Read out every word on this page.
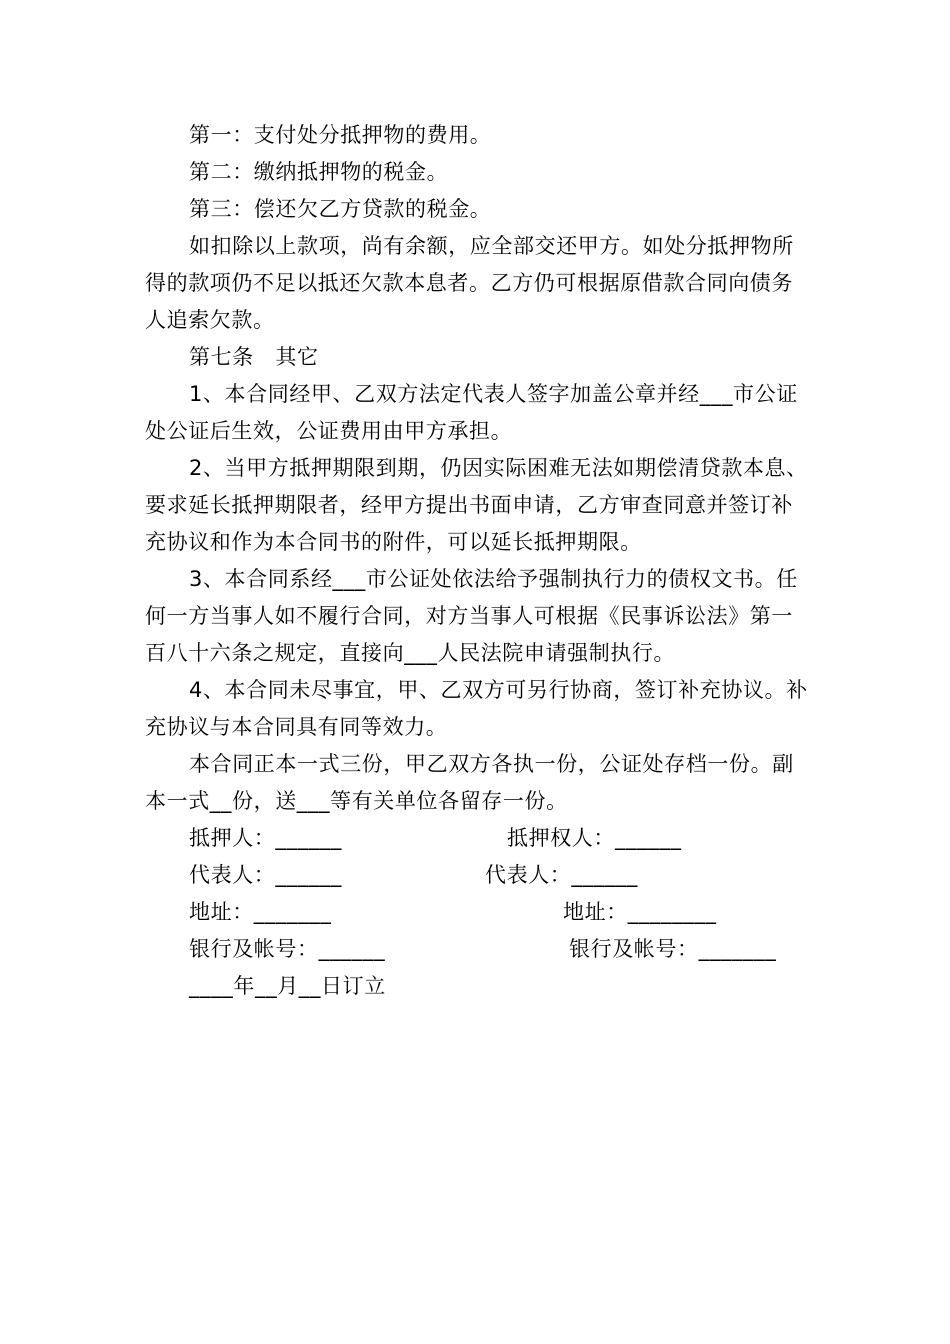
第一：支付处分抵押物的费用。

第二：缴纳抵押物的税金。

第三：偿还欠乙方贷款的税金。

如扣除以上款项，尚有余额，应全部交还甲方。如处分抵押物所得的款项仍不足以抵还欠款本息者。乙方仍可根据原借款合同向债务人追索欠款。

第七条　其它

1、本合同经甲、乙双方法定代表人签字加盖公章并经___市公证处公证后生效，公证费用由甲方承担。

2、当甲方抵押期限到期，仍因实际困难无法如期偿清贷款本息、要求延长抵押期限者，经甲方提出书面申请，乙方审查同意并签订补充协议和作为本合同书的附件，可以延长抵押期限。

3、本合同系经___市公证处依法给予强制执行力的债权文书。任何一方当事人如不履行合同，对方当事人可根据《民事诉讼法》第一百八十六条之规定，直接向___人民法院申请强制执行。

4、本合同未尽事宜，甲、乙双方可另行协商，签订补充协议。补充协议与本合同具有同等效力。

本合同正本一式三份，甲乙双方各执一份，公证处存档一份。副本一式__份，送___等有关单位各留存一份。

抵押人：______	抵押权人：______
代表人：______	代表人：______
地址：_______	地址：________
银行及帐号：______	银行及帐号：_______
____年__月__日订立
